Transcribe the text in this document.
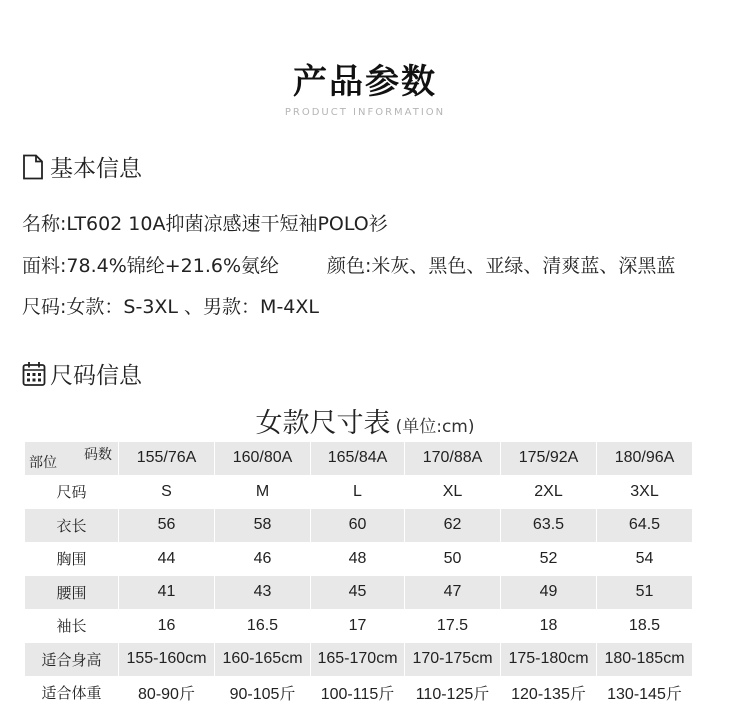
产品参数
PRODUCT INFORMATION
基本信息
名称:LT602 10A抑菌凉感速干短袖POLO衫
面料:78.4%锦纶+21.6%氨纶	颜色:米灰、黑色、亚绿、清爽蓝、深黑蓝
尺码:女款：S-3XL 、男款：M-4XL
尺码信息
女款尺寸表 (单位:cm)
码数
部位	155/76A	160/80A	165/84A	170/88A	175/92A	180/96A
尺码	S	M	L	XL	2XL	3XL
衣长	56	58	60	62	63.5	64.5
胸围	44	46	48	50	52	54
腰围	41	43	45	47	49	51
袖长	16	16.5	17	17.5	18	18.5
适合身高	155-160cm	160-165cm	165-170cm	170-175cm	175-180cm	180-185cm
适合体重	80-90斤	90-105斤	100-115斤	110-125斤	120-135斤	130-145斤
